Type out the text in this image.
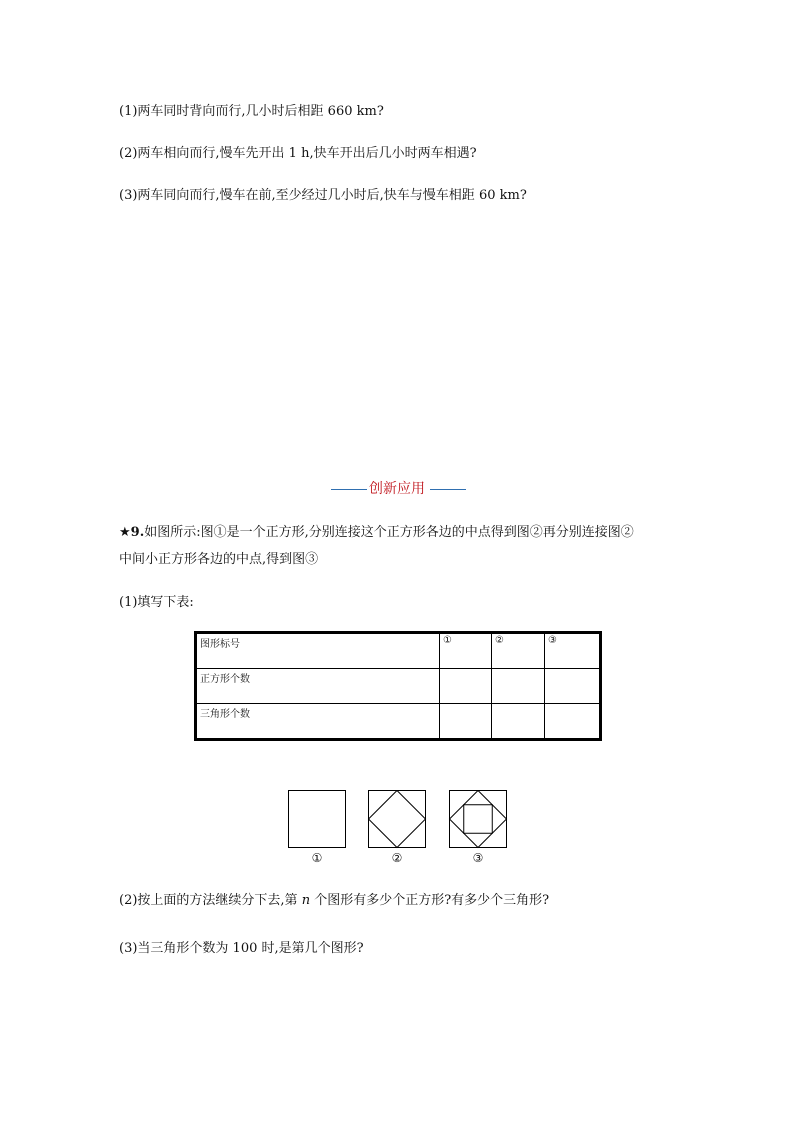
(1)两车同时背向而行,几小时后相距 660 km?
(2)两车相向而行,慢车先开出 1 h,快车开出后几小时两车相遇?
(3)两车同向而行,慢车在前,至少经过几小时后,快车与慢车相距 60 km?
创新应用
★9.如图所示:图①是一个正方形,分别连接这个正方形各边的中点得到图②再分别连接图②
中间小正方形各边的中点,得到图③
(1)填写下表:
图形标号	①	②	③
正方形个数			
三角形个数			
①	②	③
(2)按上面的方法继续分下去,第 n 个图形有多少个正方形?有多少个三角形?
(3)当三角形个数为 100 时,是第几个图形?
